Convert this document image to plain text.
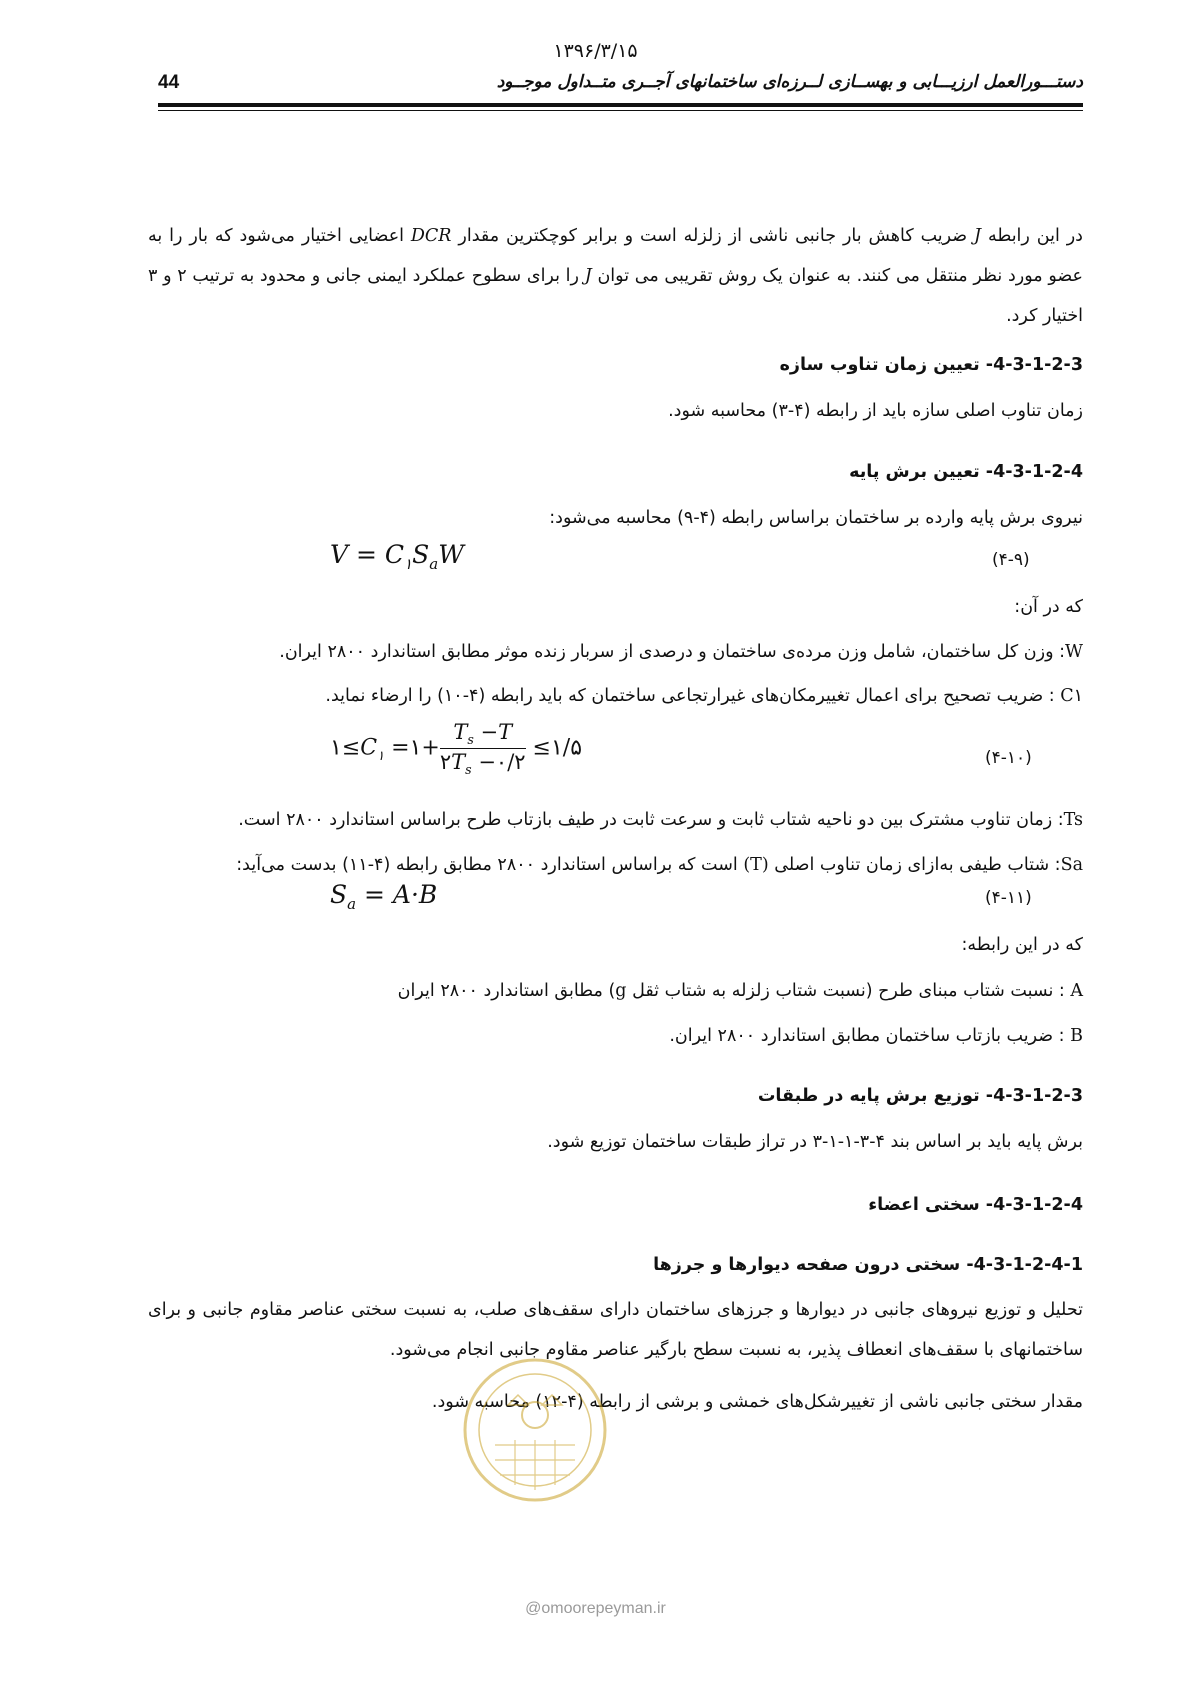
۱۳۹۶/۳/۱۵
44	دستـــورالعمل ارزیـــابی و بهســازی لــرزه‌ای ساختمانهای آجــری متــداول موجــود
در این رابطه J ضریب کاهش بار جانبی ناشی از زلزله است و برابر کوچکترین مقدار DCR اعضایی اختیار می‌شود که بار را به عضو مورد نظر منتقل می کنند. به عنوان یک روش تقریبی می توان J را برای سطوح عملکرد ایمنی جانی و محدود به ترتیب ۲ و ۳ اختیار کرد.
4-3-1-2-3- تعیین زمان تناوب سازه
زمان تناوب اصلی سازه باید از رابطه (۴-۳) محاسبه شود.
4-3-1-2-4- تعیین برش پایه
نیروی برش پایه وارده بر ساختمان براساس رابطه (۴-۹) محاسبه می‌شود:
$V = C_۱S_aW$	(۴-۹)
که در آن:
W: وزن کل ساختمان، شامل وزن مرده‌ی ساختمان و درصدی از سربار زنده موثر مطابق استاندارد ۲۸۰۰ ایران.
C۱ : ضریب تصحیح برای اعمال تغییرمکان‌های غیرارتجاعی ساختمان که باید رابطه (۴-۱۰) را ارضاء نماید.
$۱\le C_۱$ =۱+ $\frac{T_s -T}{۲T_s -۰/۲}$ ≤۱/۵	(۴-۱۰)
Ts: زمان تناوب مشترک بین دو ناحیه شتاب ثابت و سرعت ثابت در طیف بازتاب طرح براساس استاندارد ۲۸۰۰ است.
Sa: شتاب طیفی به‌ازای زمان تناوب اصلی (T) است که براساس استاندارد ۲۸۰۰ مطابق رابطه (۴-۱۱) بدست می‌آید:
$S_a = A\cdot B$	(۴-۱۱)
که در این رابطه:
A : نسبت شتاب مبنای طرح (نسبت شتاب زلزله به شتاب ثقل g) مطابق استاندارد ۲۸۰۰ ایران
B : ضریب بازتاب ساختمان مطابق استاندارد ۲۸۰۰ ایران.
4-3-1-2-3- توزیع برش پایه در طبقات
برش پایه باید بر اساس بند ۴-۳-۱-۱-۳ در تراز طبقات ساختمان توزیع شود.
4-3-1-2-4- سختی اعضاء
4-3-1-2-4-1- سختی درون صفحه دیوارها و جرزها
تحلیل و توزیع نیروهای جانبی در دیوارها و جرزهای ساختمان دارای سقف‌های صلب، به نسبت سختی عناصر مقاوم جانبی و برای ساختمانهای با سقف‌های انعطاف پذیر، به نسبت سطح بارگیر عناصر مقاوم جانبی انجام می‌شود.
مقدار سختی جانبی ناشی از تغییرشکل‌های خمشی و برشی از رابطه (۴-۱۲) محاسبه شود.
@omoorepeyman.ir
